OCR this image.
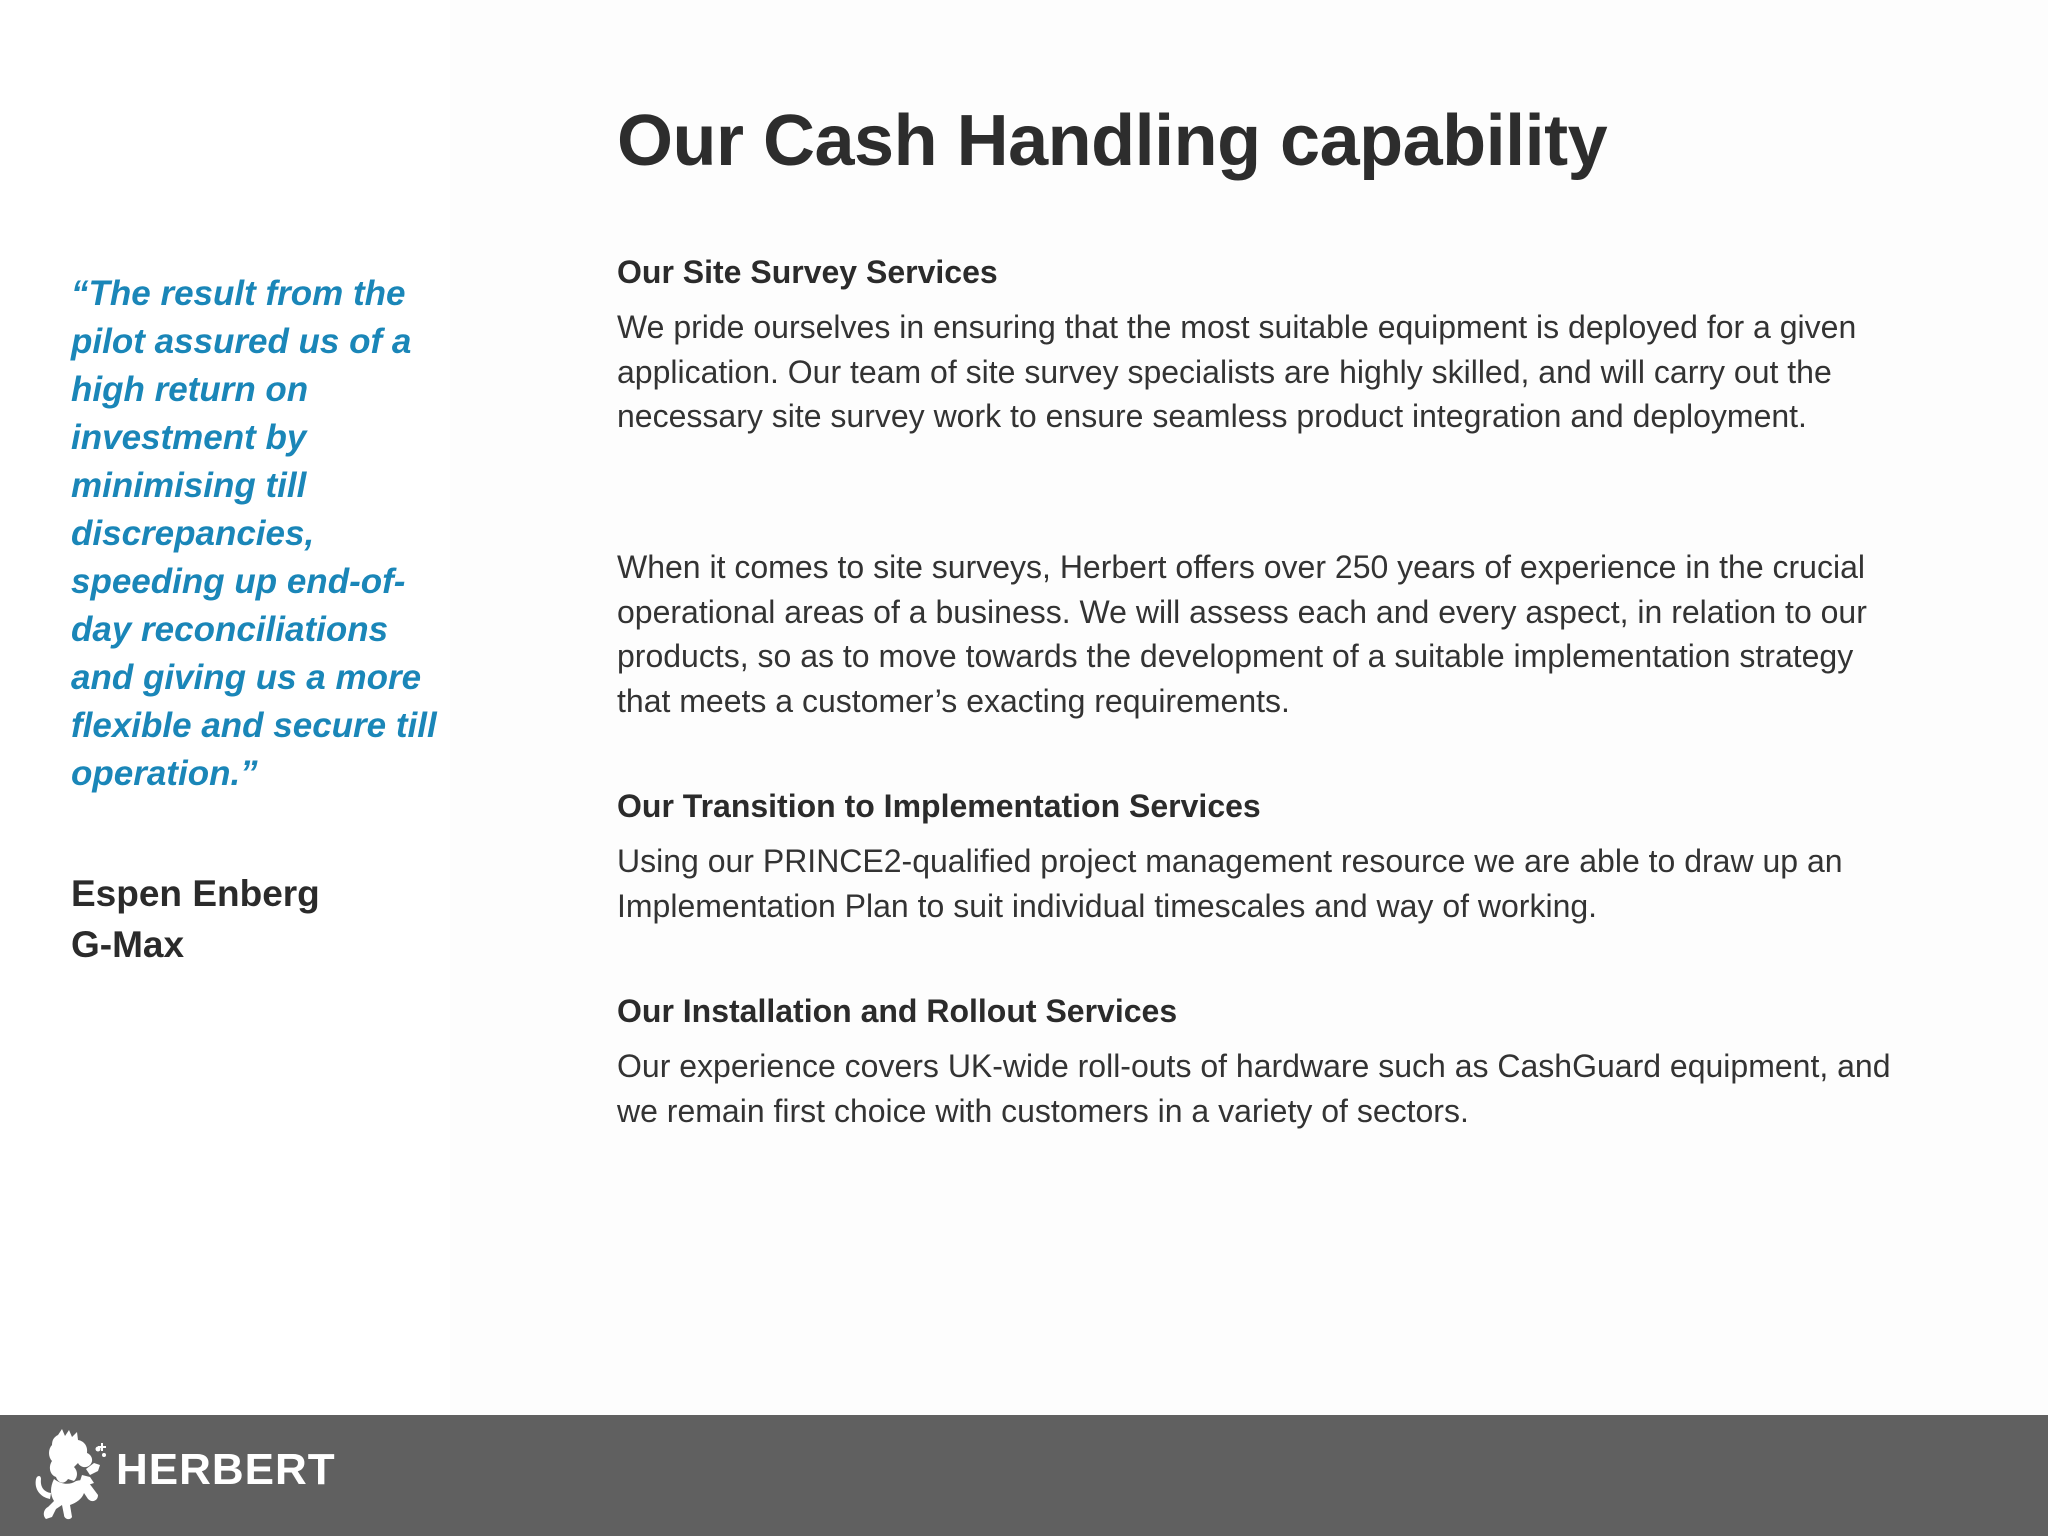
Our Cash Handling capability

“The result from the pilot assured us of a high return on investment by minimising till discrepancies, speeding up end-of-day reconciliations and giving us a more flexible and secure till operation.”

Espen Enberg
G-Max
Our Site Survey Services

We pride ourselves in ensuring that the most suitable equipment is deployed for a given application. Our team of site survey specialists are highly skilled, and will carry out the necessary site survey work to ensure seamless product integration and deployment.

When it comes to site surveys, Herbert offers over 250 years of experience in the crucial operational areas of a business. We will assess each and every aspect, in relation to our products, so as to move towards the development of a suitable implementation strategy that meets a customer’s exacting requirements.

Our Transition to Implementation Services

Using our PRINCE2-qualified project management resource we are able to draw up an Implementation Plan to suit individual timescales and way of working.

Our Installation and Rollout Services

Our experience covers UK-wide roll-outs of hardware such as CashGuard equipment, and we remain first choice with customers in a variety of sectors.

HERBERT
